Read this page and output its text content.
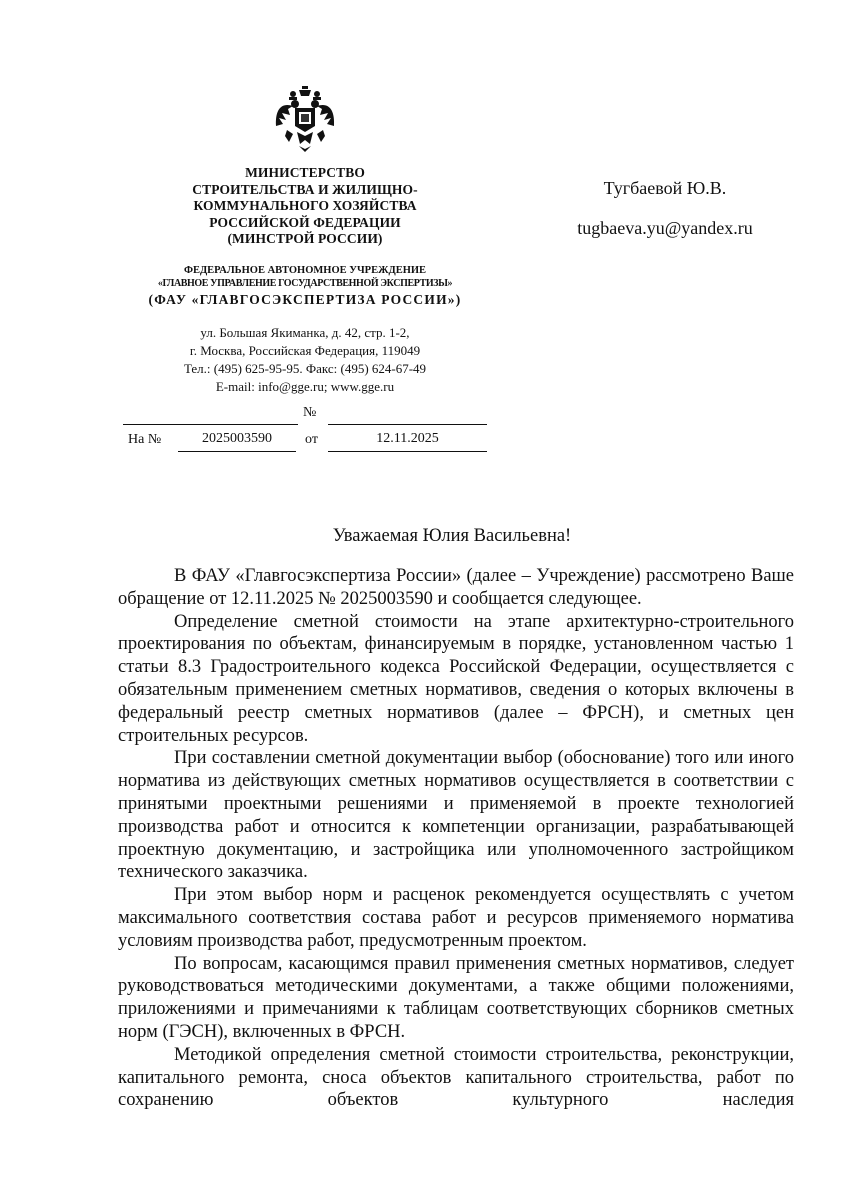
МИНИСТЕРСТВО
СТРОИТЕЛЬСТВА И ЖИЛИЩНО-
КОММУНАЛЬНОГО ХОЗЯЙСТВА
РОССИЙСКОЙ ФЕДЕРАЦИИ
(МИНСТРОЙ РОССИИ)
ФЕДЕРАЛЬНОЕ АВТОНОМНОЕ УЧРЕЖДЕНИЕ
«ГЛАВНОЕ УПРАВЛЕНИЕ ГОСУДАРСТВЕННОЙ ЭКСПЕРТИЗЫ»
(ФАУ «ГЛАВГОСЭКСПЕРТИЗА РОССИИ»)
ул. Большая Якиманка, д. 42, стр. 1-2,
г. Москва, Российская Федерация, 119049
Тел.: (495) 625-95-95. Факс: (495) 624-67-49
E-mail: info@gge.ru; www.gge.ru
№
На №	2025003590	от	12.11.2025
Тугбаевой Ю.В.
tugbaeva.yu@yandex.ru
Уважаемая Юлия Васильевна!

В ФАУ «Главгосэкспертиза России» (далее – Учреждение) рассмотрено Ваше обращение от 12.11.2025 № 2025003590 и сообщается следующее.

Определение сметной стоимости на этапе архитектурно-строительного проектирования по объектам, финансируемым в порядке, установленном частью 1 статьи 8.3 Градостроительного кодекса Российской Федерации, осуществляется с обязательным применением сметных нормативов, сведения о которых включены в федеральный реестр сметных нормативов (далее – ФРСН), и сметных цен строительных ресурсов.

При составлении сметной документации выбор (обоснование) того или иного норматива из действующих сметных нормативов осуществляется в соответствии с принятыми проектными решениями и применяемой в проекте технологией производства работ и относится к компетенции организации, разрабатывающей проектную документацию, и застройщика или уполномоченного застройщиком технического заказчика.

При этом выбор норм и расценок рекомендуется осуществлять с учетом максимального соответствия состава работ и ресурсов применяемого норматива условиям производства работ, предусмотренным проектом.

По вопросам, касающимся правил применения сметных нормативов, следует руководствоваться методическими документами, а также общими положениями, приложениями и примечаниями к таблицам соответствующих сборников сметных норм (ГЭСН), включенных в ФРСН.

Методикой определения сметной стоимости строительства, реконструкции, капитального ремонта, сноса объектов капитального строительства, работ по сохранению объектов культурного наследия
